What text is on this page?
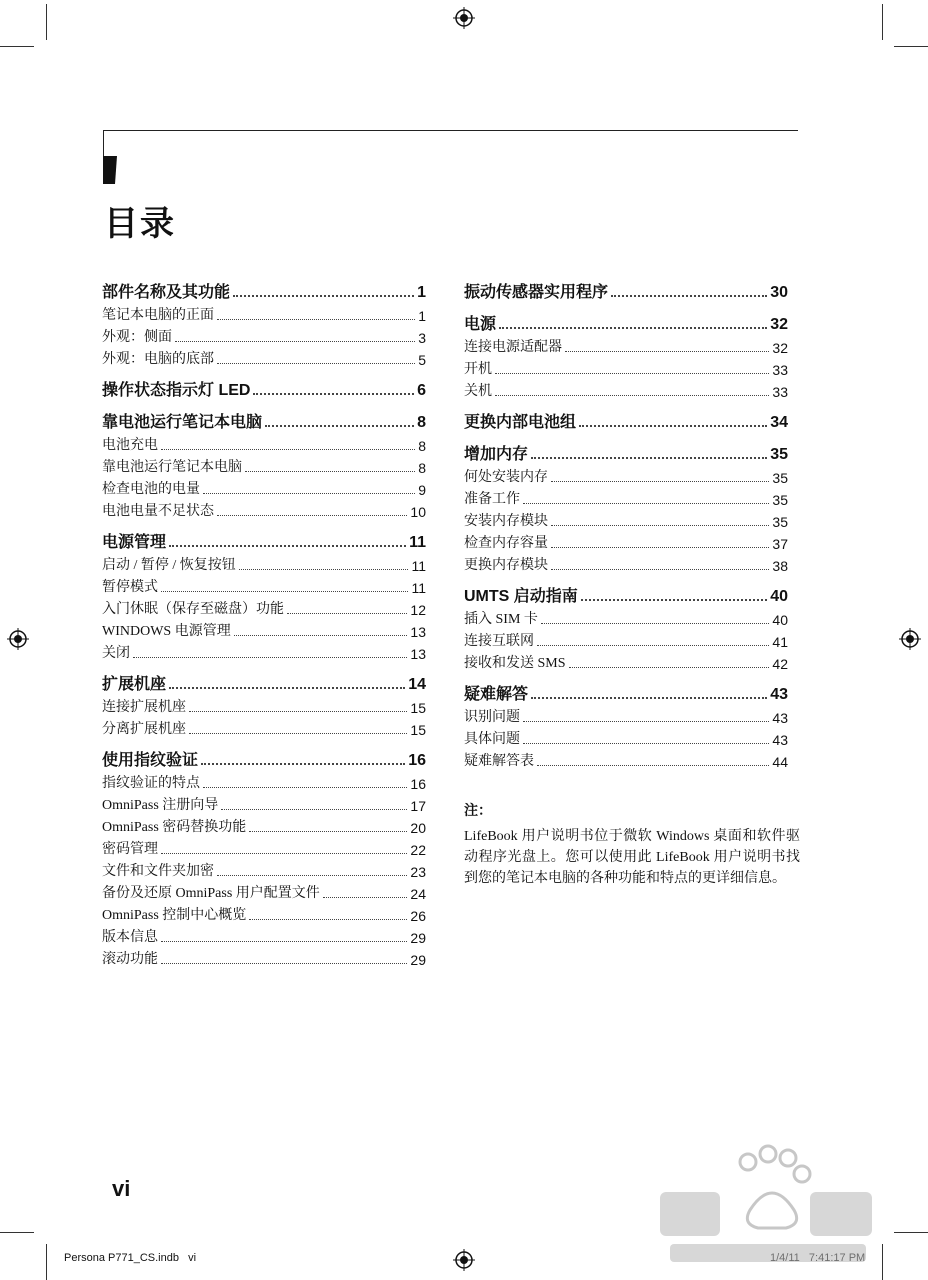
目录
部件名称及其功能	1
笔记本电脑的正面	1
外观：侧面	3
外观：电脑的底部	5
操作状态指示灯 LED	6
靠电池运行笔记本电脑	8
电池充电	8
靠电池运行笔记本电脑	8
检查电池的电量	9
电池电量不足状态	10
电源管理	11
启动 / 暂停 / 恢复按钮	11
暂停模式	11
入门休眠（保存至磁盘）功能	12
WINDOWS 电源管理	13
关闭	13
扩展机座	14
连接扩展机座	15
分离扩展机座	15
使用指纹验证	16
指纹验证的特点	16
OmniPass 注册向导	17
OmniPass 密码替换功能	20
密码管理	22
文件和文件夹加密	23
备份及还原 OmniPass 用户配置文件	24
OmniPass 控制中心概览	26
版本信息	29
滚动功能	29
振动传感器实用程序	30
电源	32
连接电源适配器	32
开机	33
关机	33
更换内部电池组	34
增加内存	35
何处安装内存	35
准备工作	35
安装内存模块	35
检查内存容量	37
更换内存模块	38
UMTS 启动指南	40
插入 SIM 卡	40
连接互联网	41
接收和发送 SMS	42
疑难解答	43
识别问题	43
具体问题	43
疑难解答表	44
注：
LifeBook 用户说明书位于微软 Windows 桌面和软件驱动程序光盘上。您可以使用此 LifeBook 用户说明书找到您的笔记本电脑的各种功能和特点的更详细信息。
vi
Persona P771_CS.indb   vi
